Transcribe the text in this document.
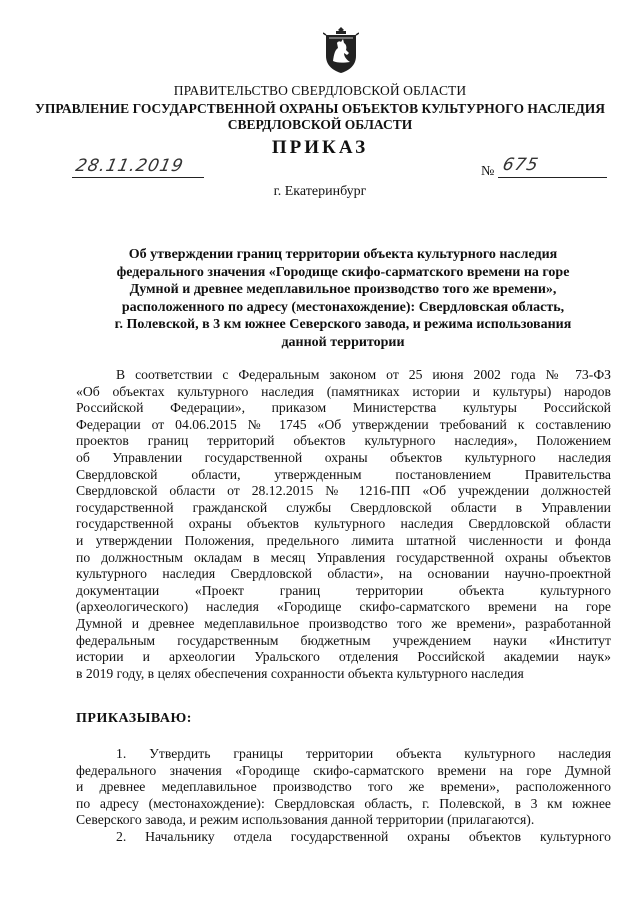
ПРАВИТЕЛЬСТВО СВЕРДЛОВСКОЙ ОБЛАСТИ
УПРАВЛЕНИЕ ГОСУДАРСТВЕННОЙ ОХРАНЫ ОБЪЕКТОВ КУЛЬТУРНОГО НАСЛЕДИЯ СВЕРДЛОВСКОЙ ОБЛАСТИ
ПРИКАЗ
28.11.2019	№ 675
г. Екатеринбург
Об утверждении границ территории объекта культурного наследия
федерального значения «Городище скифо-сарматского времени на горе
Думной и древнее медеплавильное производство того же времени»,
расположенного по адресу (местонахождение): Свердловская область,
г. Полевской, в 3 км южнее Северского завода, и режима использования
данной территории
В соответствии с Федеральным законом от 25 июня 2002 года № 73-ФЗ
«Об объектах культурного наследия (памятниках истории и культуры) народов
Российской Федерации», приказом Министерства культуры Российской
Федерации от 04.06.2015 № 1745 «Об утверждении требований к составлению
проектов границ территорий объектов культурного наследия», Положением
об Управлении государственной охраны объектов культурного наследия
Свердловской области, утвержденным постановлением Правительства
Свердловской области от 28.12.2015 № 1216-ПП «Об учреждении должностей
государственной гражданской службы Свердловской области в Управлении
государственной охраны объектов культурного наследия Свердловской области
и утверждении Положения, предельного лимита штатной численности и фонда
по должностным окладам в месяц Управления государственной охраны объектов
культурного наследия Свердловской области», на основании научно-проектной
документации «Проект границ территории объекта культурного
(археологического) наследия «Городище скифо-сарматского времени на горе
Думной и древнее медеплавильное производство того же времени», разработанной
федеральным государственным бюджетным учреждением науки «Институт
истории и археологии Уральского отделения Российской академии наук»
в 2019 году, в целях обеспечения сохранности объекта культурного наследия
ПРИКАЗЫВАЮ:
1. Утвердить границы территории объекта культурного наследия
федерального значения «Городище скифо-сарматского времени на горе Думной
и древнее медеплавильное производство того же времени», расположенного
по адресу (местонахождение): Свердловская область, г. Полевской, в 3 км южнее
Северского завода, и режим использования данной территории (прилагаются).
2. Начальнику отдела государственной охраны объектов культурного
